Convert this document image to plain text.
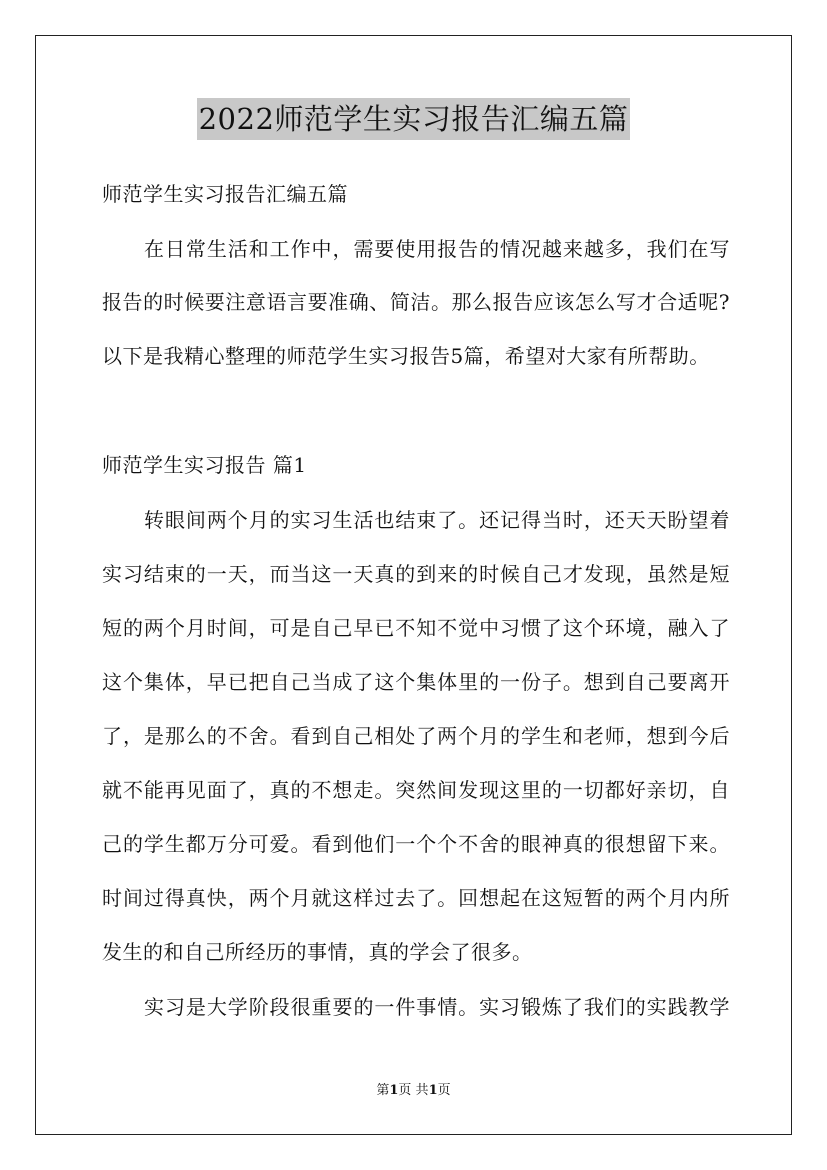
2022师范学生实习报告汇编五篇
师范学生实习报告汇编五篇
在日常生活和工作中，需要使用报告的情况越来越多，我们在写
报告的时候要注意语言要准确、简洁。那么报告应该怎么写才合适呢?
以下是我精心整理的师范学生实习报告5篇，希望对大家有所帮助。
师范学生实习报告 篇1
转眼间两个月的实习生活也结束了。还记得当时，还天天盼望着
实习结束的一天，而当这一天真的到来的时候自己才发现，虽然是短
短的两个月时间，可是自己早已不知不觉中习惯了这个环境，融入了
这个集体，早已把自己当成了这个集体里的一份子。想到自己要离开
了，是那么的不舍。看到自己相处了两个月的学生和老师，想到今后
就不能再见面了，真的不想走。突然间发现这里的一切都好亲切，自
己的学生都万分可爱。看到他们一个个不舍的眼神真的很想留下来。
时间过得真快，两个月就这样过去了。回想起在这短暂的两个月内所
发生的和自己所经历的事情，真的学会了很多。
实习是大学阶段很重要的一件事情。实习锻炼了我们的实践教学
第1页 共1页
